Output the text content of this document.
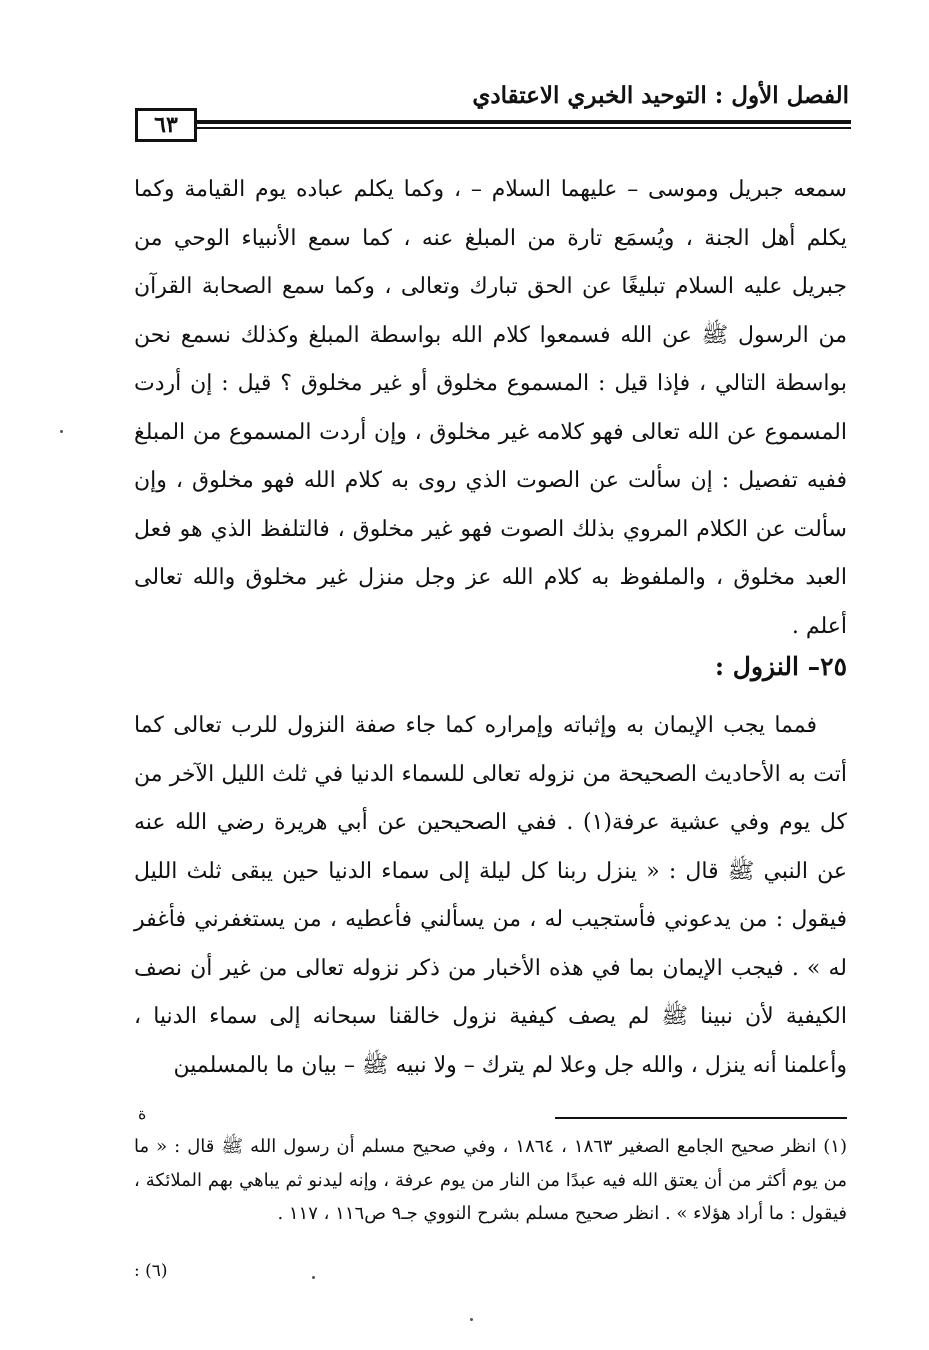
الفصل الأول : التوحيد الخبري الاعتقادي
٦٣
سمعه جبريل وموسى – عليهما السلام – ، وكما يكلم عباده يوم القيامة وكما يكلم أهل الجنة ، ويُسمَع تارة من المبلغ عنه ، كما سمع الأنبياء الوحي من جبريل عليه السلام تبليغًا عن الحق تبارك وتعالى ، وكما سمع الصحابة القرآن من الرسول ﷺ عن الله فسمعوا كلام الله بواسطة المبلغ وكذلك نسمع نحن بواسطة التالي ، فإذا قيل : المسموع مخلوق أو غير مخلوق ؟ قيل : إن أردت المسموع عن الله تعالى فهو كلامه غير مخلوق ، وإن أردت المسموع من المبلغ ففيه تفصيل : إن سألت عن الصوت الذي روى به كلام الله فهو مخلوق ، وإن سألت عن الكلام المروي بذلك الصوت فهو غير مخلوق ، فالتلفظ الذي هو فعل العبد مخلوق ، والملفوظ به كلام الله عز وجل منزل غير مخلوق والله تعالى أعلم .
٢٥– النزول :
فمما يجب الإيمان به وإثباته وإمراره كما جاء صفة النزول للرب تعالى كما أتت به الأحاديث الصحيحة من نزوله تعالى للسماء الدنيا في ثلث الليل الآخر من كل يوم وفي عشية عرفة(١) . ففي الصحيحين عن أبي هريرة رضي الله عنه عن النبي ﷺ قال : « ينزل ربنا كل ليلة إلى سماء الدنيا حين يبقى ثلث الليل فيقول : من يدعوني فأستجيب له ، من يسألني فأعطيه ، من يستغفرني فأغفر له » . فيجب الإيمان بما في هذه الأخبار من ذكر نزوله تعالى من غير أن نصف الكيفية لأن نبينا ﷺ لم يصف كيفية نزول خالقنا سبحانه إلى سماء الدنيا ، وأعلمنا أنه ينزل ، والله جل وعلا لم يترك – ولا نبيه ﷺ – بيان ما بالمسلمين
ة
(١) انظر صحيح الجامع الصغير ١٨٦٣ ، ١٨٦٤ ، وفي صحيح مسلم أن رسول الله ﷺ قال : « ما من يوم أكثر من أن يعتق الله فيه عبدًا من النار من يوم عرفة ، وإنه ليدنو ثم يباهي بهم الملائكة ، فيقول : ما أراد هؤلاء » . انظر صحيح مسلم بشرح النووي جـ٩ ص١١٦ ، ١١٧ .
(٦) :
